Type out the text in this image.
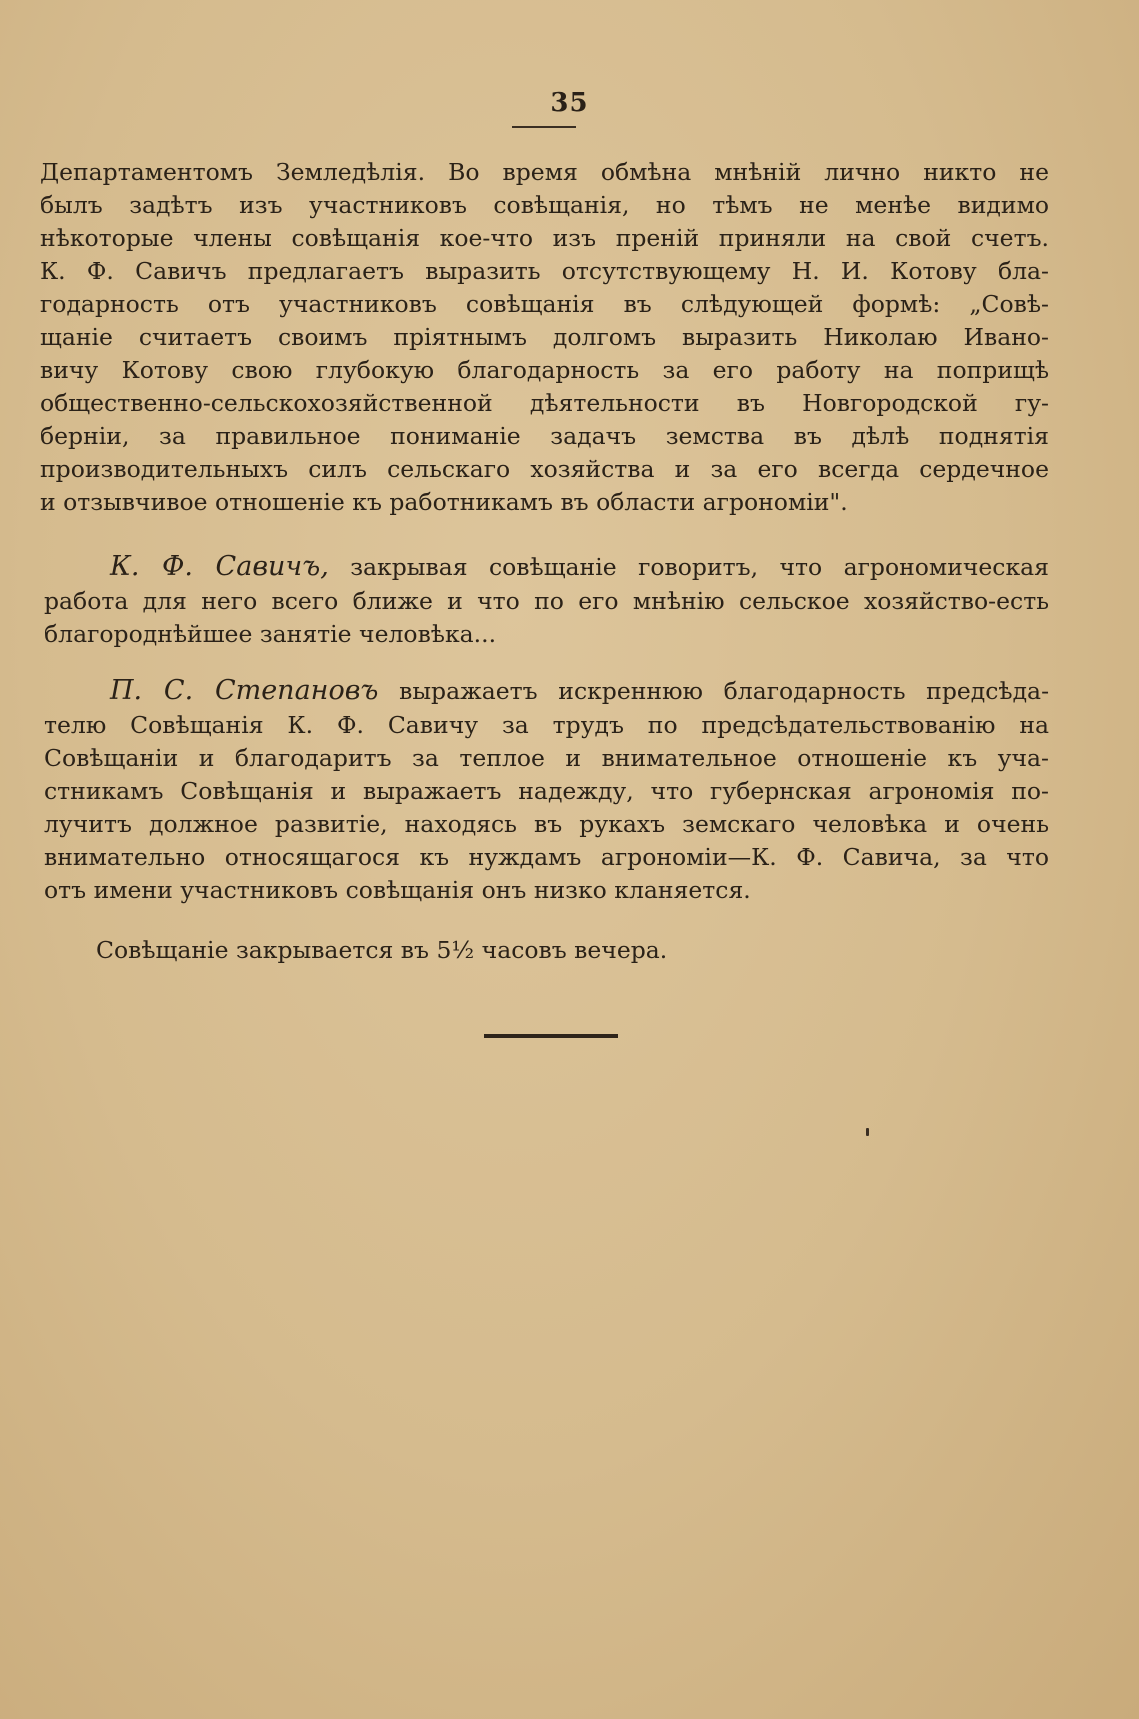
35
Департаментомъ Земледѣлія. Во время обмѣна мнѣній лично никто не
былъ задѣтъ изъ участниковъ совѣщанія, но тѣмъ не менѣе видимо
нѣкоторые члены совѣщанія кое-что изъ преній приняли на свой счетъ.
К. Ф. Савичъ предлагаетъ выразить отсутствующему Н. И. Котову бла-
годарность отъ участниковъ совѣщанія въ слѣдующей формѣ: „Совѣ-
щаніе считаетъ своимъ пріятнымъ долгомъ выразить Николаю Ивано-
вичу Котову свою глубокую благодарность за его работу на поприщѣ
общественно-сельскохозяйственной дѣятельности въ Новгородской гу-
берніи, за правильное пониманіе задачъ земства въ дѣлѣ поднятія
производительныхъ силъ сельскаго хозяйства и за его всегда сердечное
и отзывчивое отношеніе къ работникамъ въ области агрономіи".
К. Ф. Савичъ, закрывая совѣщаніе говоритъ, что агрономическая
работа для него всего ближе и что по его мнѣнію сельское хозяйство-есть
благороднѣйшее занятіе человѣка...
П. С. Степановъ выражаетъ искреннюю благодарность предсѣда-
телю Совѣщанія К. Ф. Савичу за трудъ по предсѣдательствованію на
Совѣщаніи и благодаритъ за теплое и внимательное отношеніе къ уча-
стникамъ Совѣщанія и выражаетъ надежду, что губернская агрономія по-
лучитъ должное развитіе, находясь въ рукахъ земскаго человѣка и очень
внимательно относящагося къ нуждамъ агрономіи—К. Ф. Савича, за что
отъ имени участниковъ совѣщанія онъ низко кланяется.
Совѣщаніе закрывается въ 5½ часовъ вечера.
